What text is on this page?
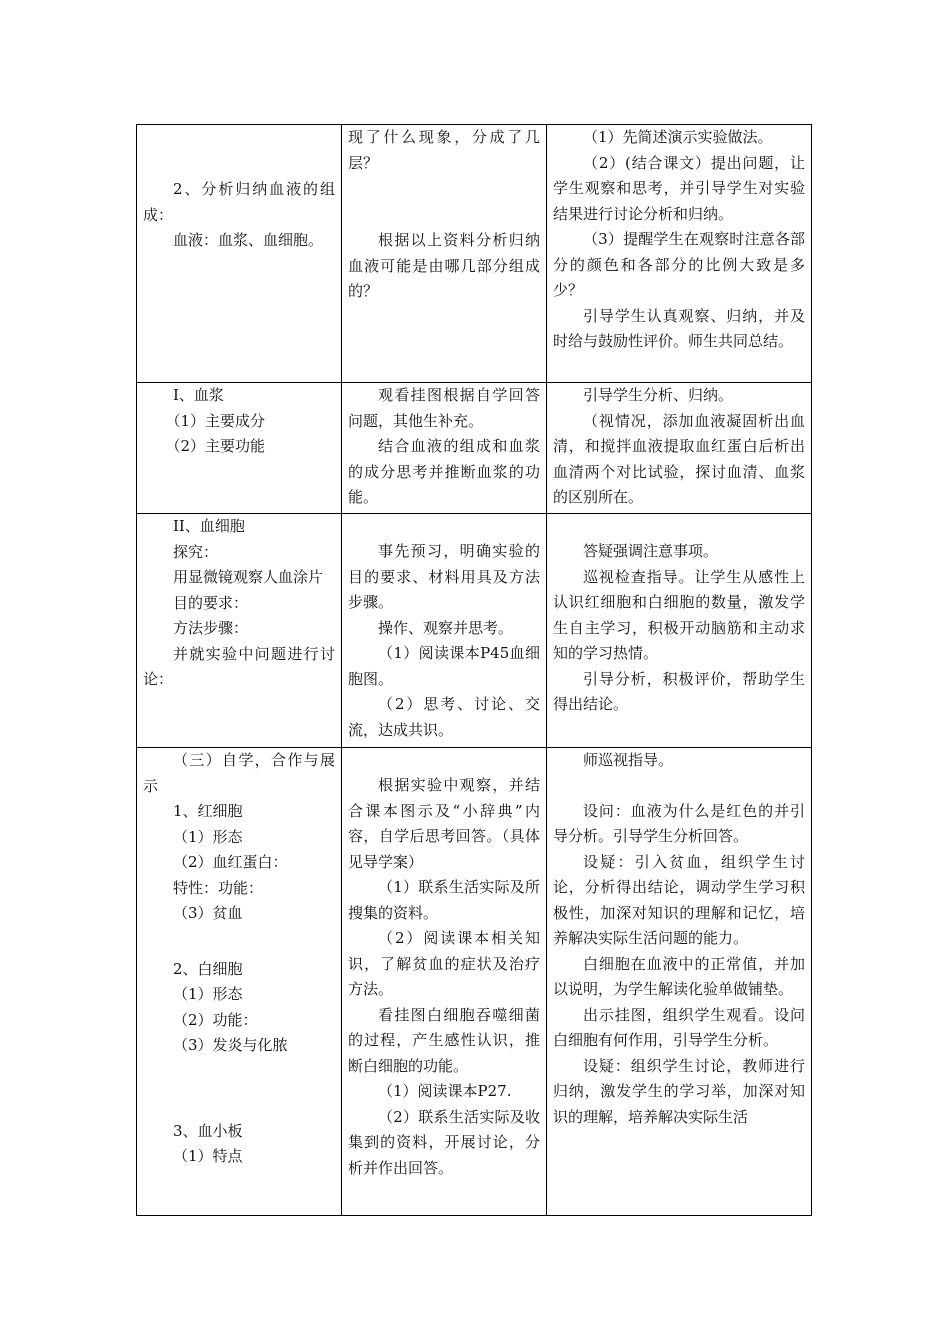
2、分析归纳血液的组成：

血液：血浆、血细胞。

现了什么现象，分成了几层？

根据以上资料分析归纳血液可能是由哪几部分组成的？

（1）先简述演示实验做法。

（2）(结合课文）提出问题，让学生观察和思考，并引导学生对实验结果进行讨论分析和归纳。

（3）提醒学生在观察时注意各部分的颜色和各部分的比例大致是多少？

引导学生认真观察、归纳，并及时给与鼓励性评价。师生共同总结。

I、血浆

（1）主要成分

（2）主要功能

观看挂图根据自学回答问题，其他生补充。

结合血液的组成和血浆的成分思考并推断血浆的功能。

引导学生分析、归纳。

（视情况，添加血液凝固析出血清，和搅拌血液提取血红蛋白后析出血清两个对比试验，探讨血清、血浆的区别所在。

II、血细胞

探究：

用显微镜观察人血涂片

目的要求：

方法步骤：

并就实验中问题进行讨论：

事先预习，明确实验的目的要求、材料用具及方法步骤。

操作、观察并思考。

（1）阅读课本P45血细胞图。

（2）思考、讨论、交流，达成共识。

答疑强调注意事项。

巡视检查指导。让学生从感性上认识红细胞和白细胞的数量，激发学生自主学习，积极开动脑筋和主动求知的学习热情。

引导分析，积极评价，帮助学生得出结论。

（三）自学，合作与展示

1、红细胞

（1）形态

（2）血红蛋白：

特性：功能：

（3）贫血

2、白细胞

（1）形态

（2）功能：

（3）发炎与化脓

3、血小板

（1）特点

根据实验中观察，并结合课本图示及“小辞典”内容，自学后思考回答。（具体见导学案）

（1）联系生活实际及所搜集的资料。

（2）阅读课本相关知识，了解贫血的症状及治疗方法。

看挂图白细胞吞噬细菌的过程，产生感性认识，推断白细胞的功能。

（1）阅读课本P27.

（2）联系生活实际及收集到的资料，开展讨论，分析并作出回答。

师巡视指导。

设问：血液为什么是红色的并引导分析。引导学生分析回答。

设疑：引入贫血，组织学生讨论，分析得出结论，调动学生学习积极性，加深对知识的理解和记忆，培养解决实际生活问题的能力。

白细胞在血液中的正常值，并加以说明，为学生解读化验单做铺垫。

出示挂图，组织学生观看。设问白细胞有何作用，引导学生分析。

设疑：组织学生讨论，教师进行归纳，激发学生的学习举，加深对知识的理解，培养解决实际生活
